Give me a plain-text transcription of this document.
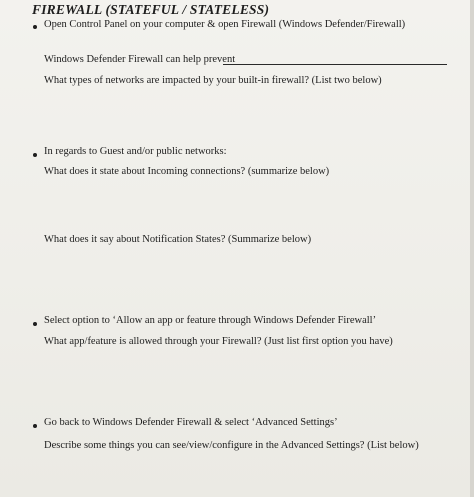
FIREWALL (STATEFUL / STATELESS)
Open Control Panel on your computer & open Firewall (Windows Defender/Firewall)
Windows Defender Firewall can help prevent
What types of networks are impacted by your built-in firewall? (List two below)
In regards to Guest and/or public networks:
What does it state about Incoming connections? (summarize below)
What does it say about Notification States? (Summarize below)
Select option to ‘Allow an app or feature through Windows Defender Firewall’
What app/feature is allowed through your Firewall? (Just list first option you have)
Go back to Windows Defender Firewall & select ‘Advanced Settings’
Describe some things you can see/view/configure in the Advanced Settings? (List below)
